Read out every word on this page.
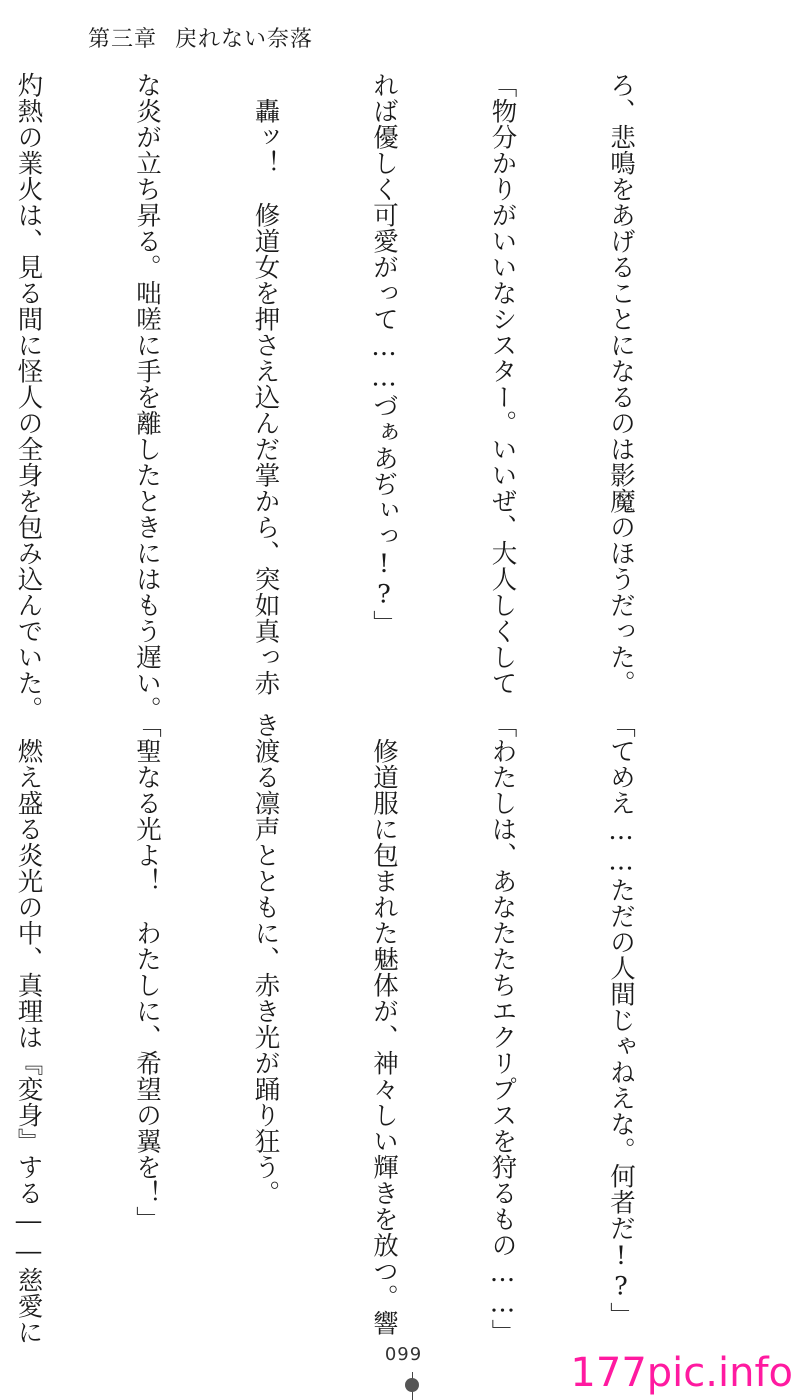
第三章 戻れない奈落

ろ、悲鳴をあげることになるのは影魔のほうだった。

「物分かりがいいなシスター。いいぜ、大人しくして

れば優しく可愛がって……づぁあぢぃっ!?」

　轟ッ！　修道女を押さえ込んだ掌から、突如真っ赤

な炎が立ち昇る。咄嗟に手を離したときにはもう遅い。

灼熱の業火は、見る間に怪人の全身を包み込んでいた。

「てめえ……ただの人間じゃねえな。何者だ!?」

「わたしは、あなたたちエクリプスを狩るもの……」

　修道服に包まれた魅体が、神々しい輝きを放つ。響

き渡る凛声とともに、赤き光が踊り狂う。

「聖なる光よ！　わたしに、希望の翼を！」

　燃え盛る炎光の中、真理は『変身』する――慈愛に

099	177pic.info
